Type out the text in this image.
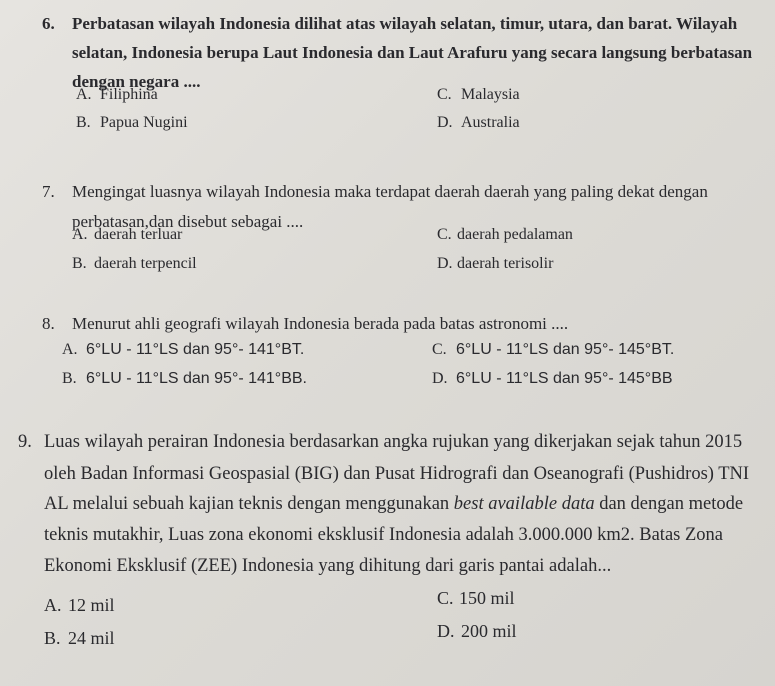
6. Perbatasan wilayah Indonesia dilihat atas wilayah selatan, timur, utara, dan barat. Wilayah
selatan, Indonesia berupa Laut Indonesia dan Laut Arafuru yang secara langsung berbatasan
dengan negara ....
A. Filiphina
B. Papua Nugini
C. Malaysia
D. Australia
7. Mengingat luasnya wilayah Indonesia maka terdapat daerah daerah yang paling dekat dengan
perbatasan,dan disebut sebagai ....
A. daerah terluar
B. daerah terpencil
C. daerah pedalaman
D. daerah terisolir
8. Menurut ahli geografi wilayah Indonesia berada pada batas astronomi ....
A. 6°LU - 11°LS dan 95°- 141°BT.
B. 6°LU - 11°LS dan 95°- 141°BB.
C. 6°LU - 11°LS dan 95°- 145°BT.
D. 6°LU - 11°LS dan 95°- 145°BB
9. Luas wilayah perairan Indonesia berdasarkan angka rujukan yang dikerjakan sejak tahun 2015
oleh Badan Informasi Geospasial (BIG) dan Pusat Hidrografi dan Oseanografi (Pushidros) TNI
AL melalui sebuah kajian teknis dengan menggunakan best available data dan dengan metode
teknis mutakhir, Luas zona ekonomi eksklusif Indonesia adalah 3.000.000 km2. Batas Zona
Ekonomi Eksklusif (ZEE) Indonesia yang dihitung dari garis pantai adalah...
A. 12 mil
B. 24 mil
C. 150 mil
D. 200 mil
